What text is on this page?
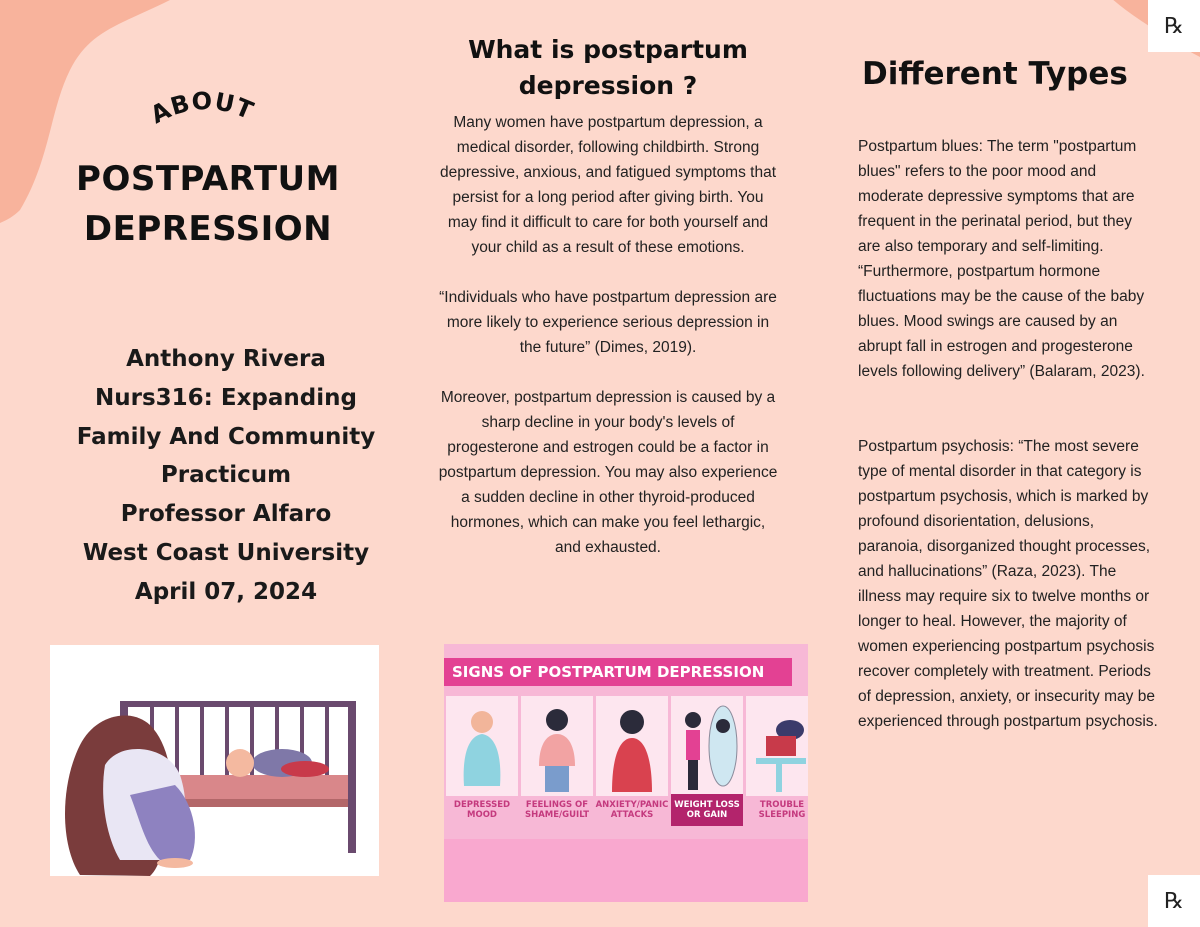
℞
℞
ABOUT
POSTPARTUM
DEPRESSION
Anthony Rivera
Nurs316: Expanding
Family And Community
Practicum
Professor Alfaro
West Coast University
April 07, 2024
What is postpartum
depression ?

Many women have postpartum depression, a medical disorder, following childbirth. Strong depressive, anxious, and fatigued symptoms that persist for a long period after giving birth. You may find it difficult to care for both yourself and your child as a result of these emotions.

“Individuals who have postpartum depression are more likely to experience serious depression in the future” (Dimes, 2019).

Moreover, postpartum depression is caused by a sharp decline in your body's levels of progesterone and estrogen could be a factor in postpartum depression. You may also experience a sudden decline in other thyroid-produced hormones, which can make you feel lethargic, and exhausted.

SIGNS OF POSTPARTUM DEPRESSION
DEPRESSED MOOD
FEELINGS OF SHAME/GUILT
ANXIETY/PANIC ATTACKS
WEIGHT LOSS OR GAIN
TROUBLE SLEEPING
Different Types

Postpartum blues: The term "postpartum blues" refers to the poor mood and moderate depressive symptoms that are frequent in the perinatal period, but they are also temporary and self-limiting. “Furthermore, postpartum hormone fluctuations may be the cause of the baby blues. Mood swings are caused by an abrupt fall in estrogen and progesterone levels following delivery” (Balaram, 2023).

Postpartum psychosis: “The most severe type of mental disorder in that category is postpartum psychosis, which is marked by profound disorientation, delusions, paranoia, disorganized thought processes, and hallucinations” (Raza, 2023). The illness may require six to twelve months or longer to heal. However, the majority of women experiencing postpartum psychosis recover completely with treatment. Periods of depression, anxiety, or insecurity may be experienced through postpartum psychosis.
